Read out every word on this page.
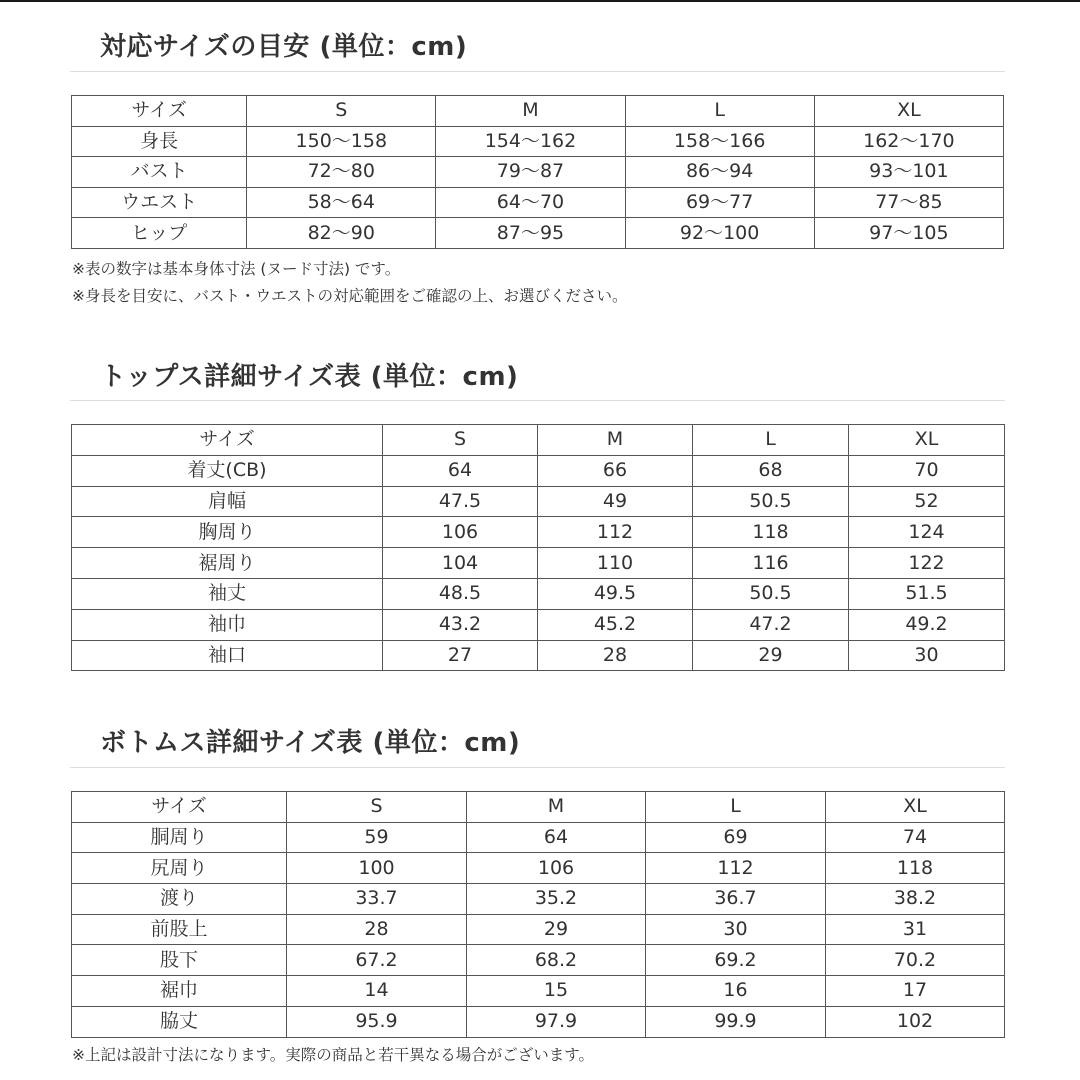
対応サイズの目安 (単位：cm)
サイズ	S	M	L	XL
身長	150〜158	154〜162	158〜166	162〜170
バスト	72〜80	79〜87	86〜94	93〜101
ウエスト	58〜64	64〜70	69〜77	77〜85
ヒップ	82〜90	87〜95	92〜100	97〜105
※表の数字は基本身体寸法 (ヌード寸法) です。
※身長を目安に、バスト・ウエストの対応範囲をご確認の上、お選びください。
トップス詳細サイズ表 (単位：cm)
サイズ	S	M	L	XL
着丈(CB)	64	66	68	70
肩幅	47.5	49	50.5	52
胸周り	106	112	118	124
裾周り	104	110	116	122
袖丈	48.5	49.5	50.5	51.5
袖巾	43.2	45.2	47.2	49.2
袖口	27	28	29	30
ボトムス詳細サイズ表 (単位：cm)
サイズ	S	M	L	XL
胴周り	59	64	69	74
尻周り	100	106	112	118
渡り	33.7	35.2	36.7	38.2
前股上	28	29	30	31
股下	67.2	68.2	69.2	70.2
裾巾	14	15	16	17
脇丈	95.9	97.9	99.9	102
※上記は設計寸法になります。実際の商品と若干異なる場合がございます。
